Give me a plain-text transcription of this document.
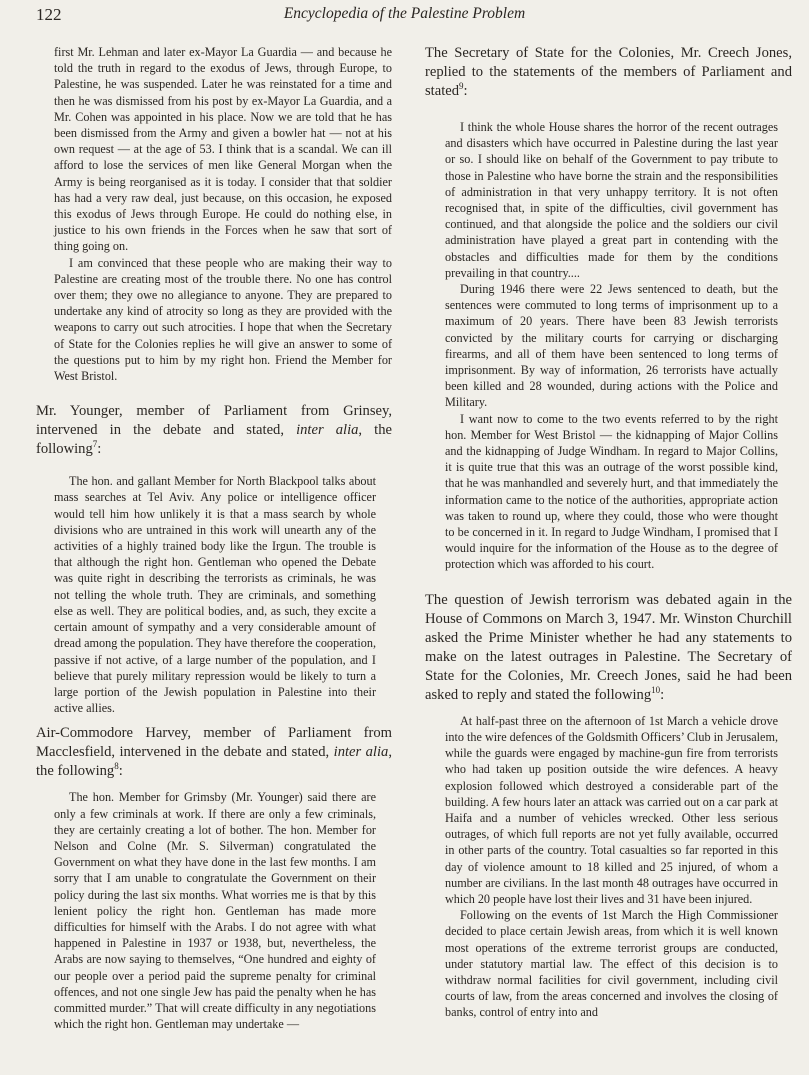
122	Encyclopedia of the Palestine Problem

first Mr. Lehman and later ex-Mayor La Guardia — and because he told the truth in regard to the exodus of Jews, through Europe, to Palestine, he was suspended. Later he was reinstated for a time and then he was dismissed from his post by ex-Mayor La Guardia, and a Mr. Cohen was appointed in his place. Now we are told that he has been dismissed from the Army and given a bowler hat — not at his own request — at the age of 53. I think that is a scandal. We can ill afford to lose the services of men like General Morgan when the Army is being reorganised as it is today. I consider that that soldier has had a very raw deal, just because, on this occasion, he exposed this exodus of Jews through Europe. He could do nothing else, in justice to his own friends in the Forces when he saw that sort of thing going on.

I am convinced that these people who are making their way to Palestine are creating most of the trouble there. No one has control over them; they owe no allegiance to anyone. They are prepared to undertake any kind of atrocity so long as they are provided with the weapons to carry out such atrocities. I hope that when the Secretary of State for the Colonies replies he will give an answer to some of the questions put to him by my right hon. Friend the Member for West Bristol.

Mr. Younger, member of Parliament from Grinsey, intervened in the debate and stated, inter alia, the following$^7$:

The hon. and gallant Member for North Blackpool talks about mass searches at Tel Aviv. Any police or intelligence officer would tell him how unlikely it is that a mass search by whole divisions who are untrained in this work will unearth any of the activities of a highly trained body like the Irgun. The trouble is that although the right hon. Gentleman who opened the Debate was quite right in describing the terrorists as criminals, he was not telling the whole truth. They are criminals, and something else as well. They are political bodies, and, as such, they excite a certain amount of sympathy and a very considerable amount of dread among the population. They have therefore the cooperation, passive if not active, of a large number of the population, and I believe that purely military repression would be likely to turn a large portion of the Jewish population in Palestine into their active allies.

Air-Commodore Harvey, member of Parliament from Macclesfield, intervened in the debate and stated, inter alia, the following$^8$:

The hon. Member for Grimsby (Mr. Younger) said there are only a few criminals at work. If there are only a few criminals, they are certainly creating a lot of bother. The hon. Member for Nelson and Colne (Mr. S. Silverman) congratulated the Government on what they have done in the last few months. I am sorry that I am unable to congratulate the Government on their policy during the last six months. What worries me is that by this lenient policy the right hon. Gentleman has made more difficulties for himself with the Arabs. I do not agree with what happened in Palestine in 1937 or 1938, but, nevertheless, the Arabs are now saying to themselves, “One hundred and eighty of our people over a period paid the supreme penalty for criminal offences, and not one single Jew has paid the penalty when he has committed murder.” That will create difficulty in any negotiations which the right hon. Gentleman may undertake —

The Secretary of State for the Colonies, Mr. Creech Jones, replied to the statements of the members of Parliament and stated$^9$:

I think the whole House shares the horror of the recent outrages and disasters which have occurred in Palestine during the last year or so. I should like on behalf of the Government to pay tribute to those in Palestine who have borne the strain and the responsibilities of administration in that very unhappy territory. It is not often recognised that, in spite of the difficulties, civil government has continued, and that alongside the police and the soldiers our civil administration have played a great part in contending with the obstacles and difficulties made for them by the conditions prevailing in that country....

During 1946 there were 22 Jews sentenced to death, but the sentences were commuted to long terms of imprisonment up to a maximum of 20 years. There have been 83 Jewish terrorists convicted by the military courts for carrying or discharging firearms, and all of them have been sentenced to long terms of imprisonment. By way of information, 26 terrorists have actually been killed and 28 wounded, during actions with the Police and Military.

I want now to come to the two events referred to by the right hon. Member for West Bristol — the kidnapping of Major Collins and the kidnapping of Judge Windham. In regard to Major Collins, it is quite true that this was an outrage of the worst possible kind, that he was manhandled and severely hurt, and that immediately the information came to the notice of the authorities, appropriate action was taken to round up, where they could, those who were thought to be concerned in it. In regard to Judge Windham, I promised that I would inquire for the information of the House as to the degree of protection which was afforded to his court.

The question of Jewish terrorism was debated again in the House of Commons on March 3, 1947. Mr. Winston Churchill asked the Prime Minister whether he had any statements to make on the latest outrages in Palestine. The Secretary of State for the Colonies, Mr. Creech Jones, said he had been asked to reply and stated the following$^{10}$:

At half-past three on the afternoon of 1st March a vehicle drove into the wire defences of the Goldsmith Officers’ Club in Jerusalem, while the guards were engaged by machine-gun fire from terrorists who had taken up position outside the wire defences. A heavy explosion followed which destroyed a considerable part of the building. A few hours later an attack was carried out on a car park at Haifa and a number of vehicles wrecked. Other less serious outrages, of which full reports are not yet fully available, occurred in other parts of the country. Total casualties so far reported in this day of violence amount to 18 killed and 25 injured, of whom a number are civilians. In the last month 48 outrages have occurred in which 20 people have lost their lives and 31 have been injured.

Following on the events of 1st March the High Commissioner decided to place certain Jewish areas, from which it is well known most operations of the extreme terrorist groups are conducted, under statutory martial law. The effect of this decision is to withdraw normal facilities for civil government, including civil courts of law, from the areas concerned and involves the closing of banks, control of entry into and
